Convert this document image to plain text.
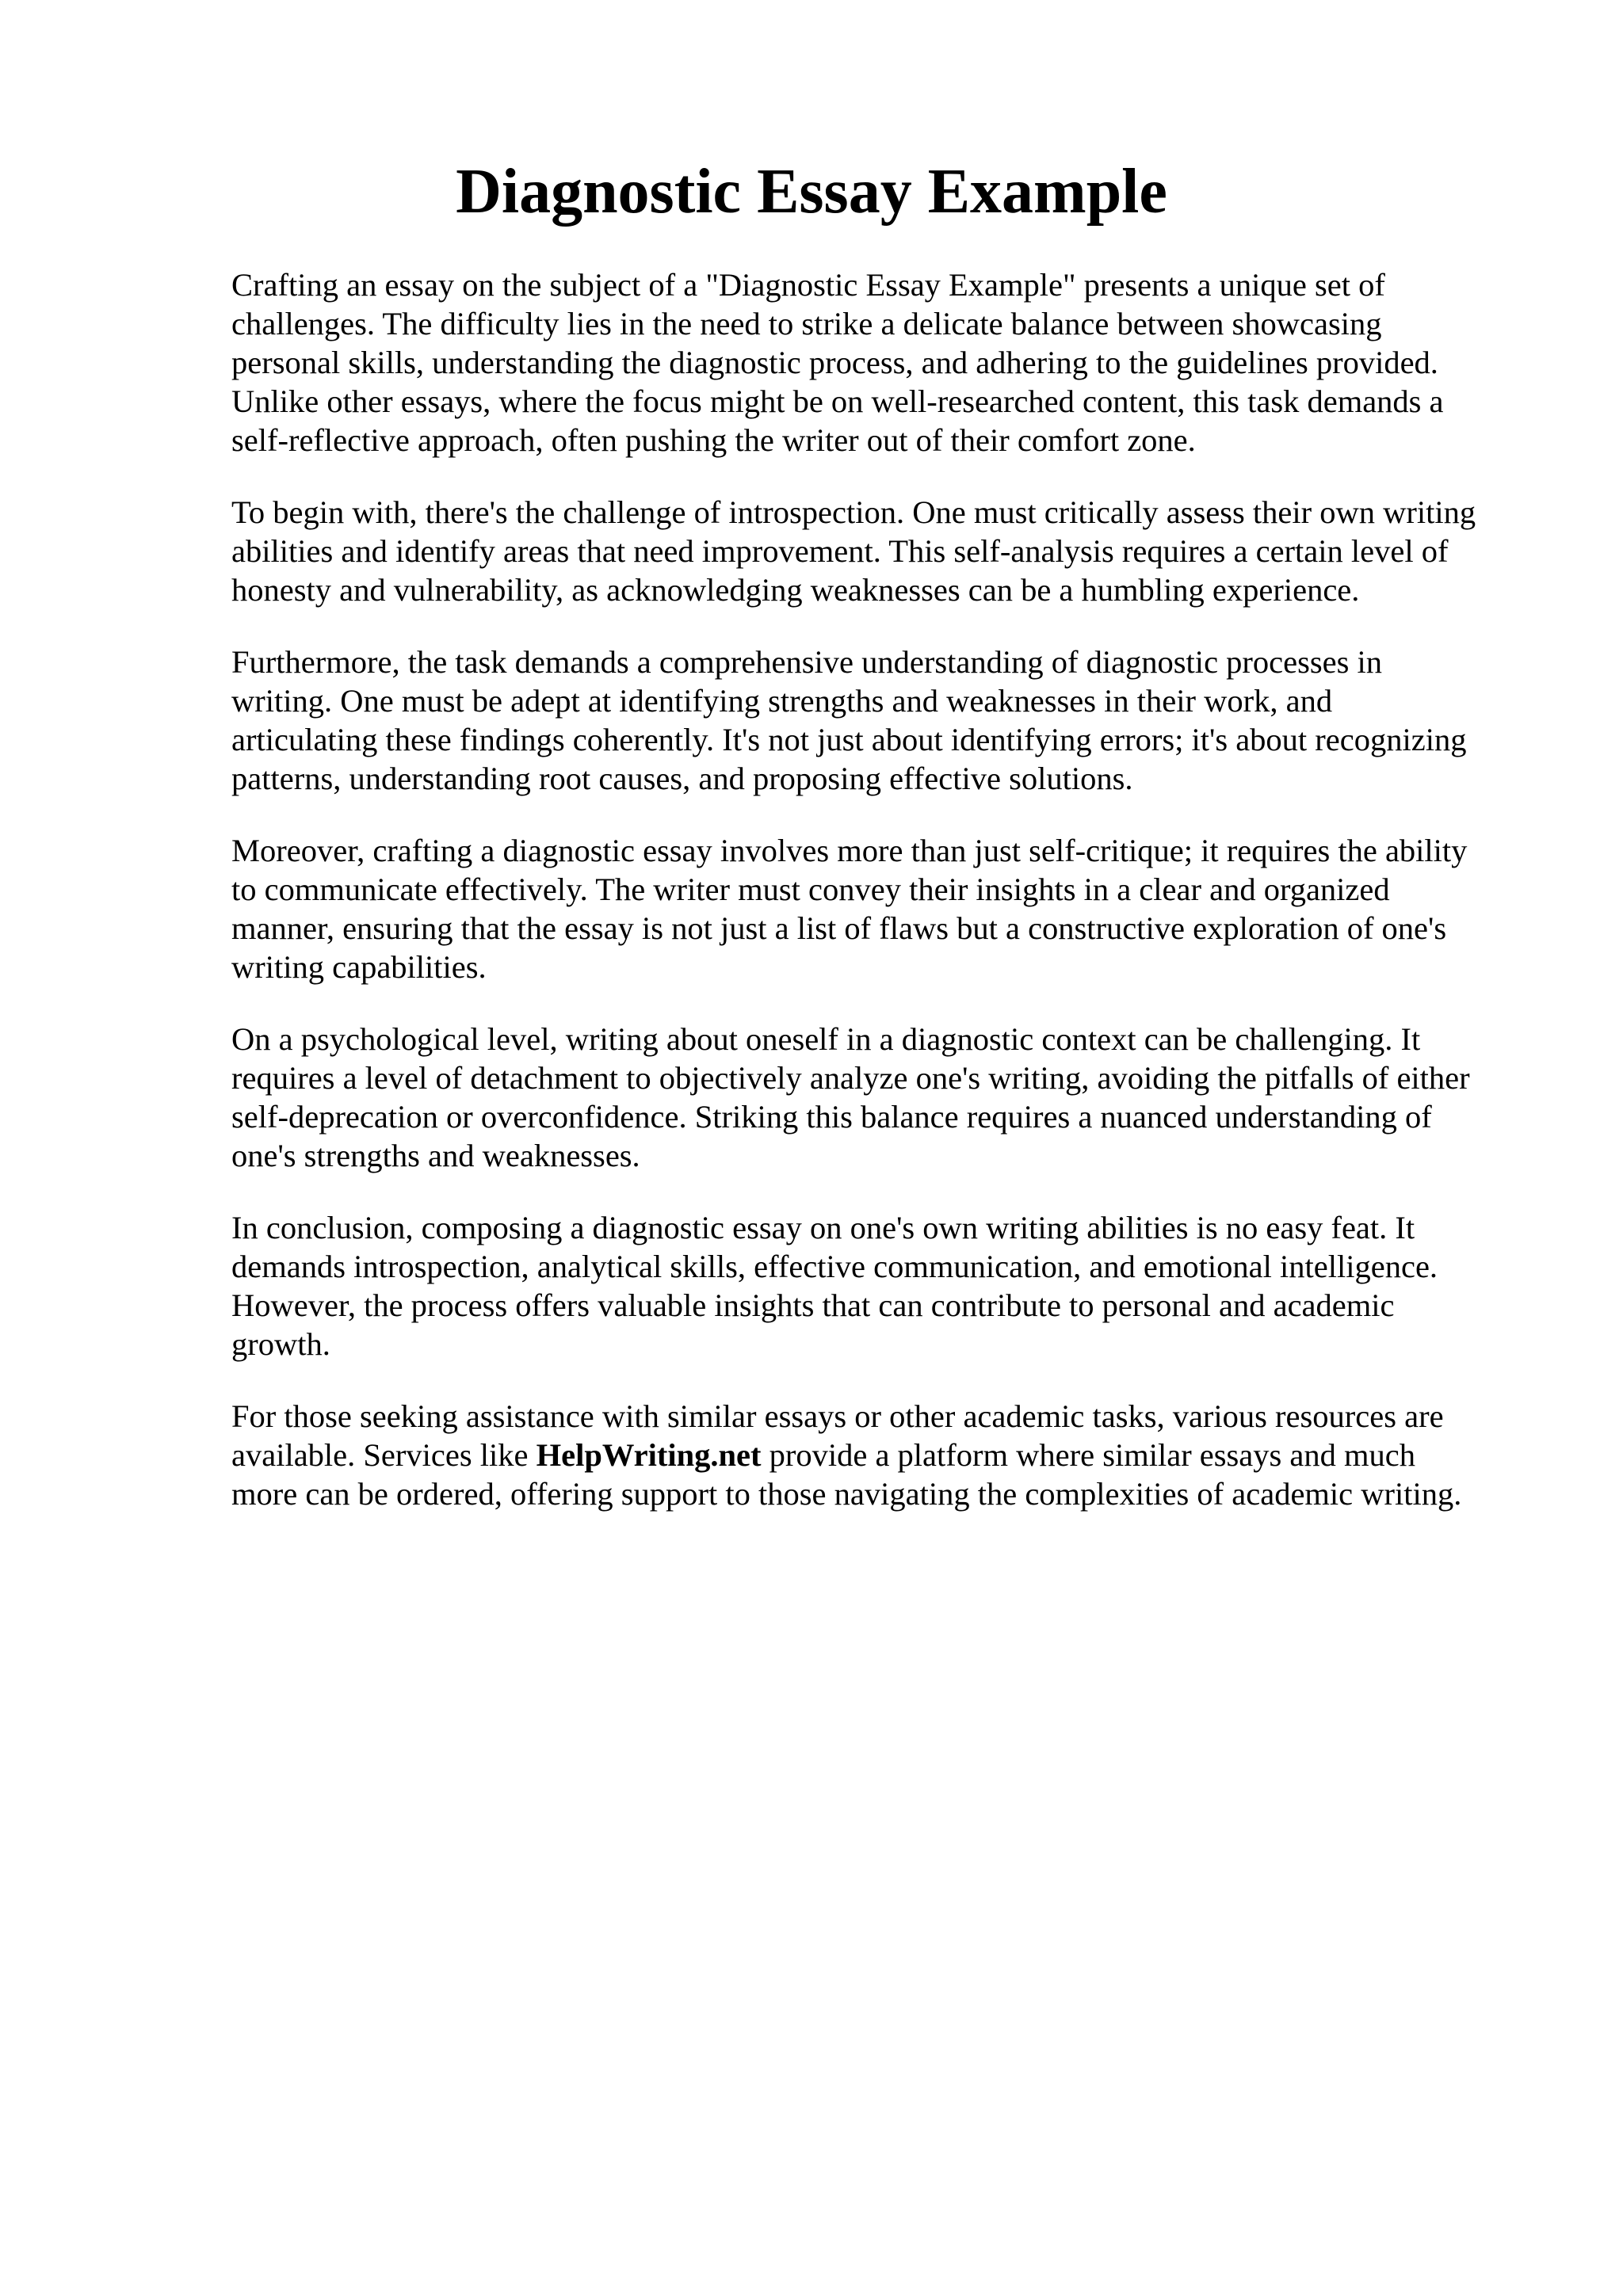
Diagnostic Essay Example

Crafting an essay on the subject of a "Diagnostic Essay Example" presents a unique set of
challenges. The difficulty lies in the need to strike a delicate balance between showcasing
personal skills, understanding the diagnostic process, and adhering to the guidelines provided.
Unlike other essays, where the focus might be on well-researched content, this task demands a
self-reflective approach, often pushing the writer out of their comfort zone.

To begin with, there's the challenge of introspection. One must critically assess their own writing
abilities and identify areas that need improvement. This self-analysis requires a certain level of
honesty and vulnerability, as acknowledging weaknesses can be a humbling experience.

Furthermore, the task demands a comprehensive understanding of diagnostic processes in
writing. One must be adept at identifying strengths and weaknesses in their work, and
articulating these findings coherently. It's not just about identifying errors; it's about recognizing
patterns, understanding root causes, and proposing effective solutions.

Moreover, crafting a diagnostic essay involves more than just self-critique; it requires the ability
to communicate effectively. The writer must convey their insights in a clear and organized
manner, ensuring that the essay is not just a list of flaws but a constructive exploration of one's
writing capabilities.

On a psychological level, writing about oneself in a diagnostic context can be challenging. It
requires a level of detachment to objectively analyze one's writing, avoiding the pitfalls of either
self-deprecation or overconfidence. Striking this balance requires a nuanced understanding of
one's strengths and weaknesses.

In conclusion, composing a diagnostic essay on one's own writing abilities is no easy feat. It
demands introspection, analytical skills, effective communication, and emotional intelligence.
However, the process offers valuable insights that can contribute to personal and academic
growth.

For those seeking assistance with similar essays or other academic tasks, various resources are
available. Services like HelpWriting.net provide a platform where similar essays and much
more can be ordered, offering support to those navigating the complexities of academic writing.
